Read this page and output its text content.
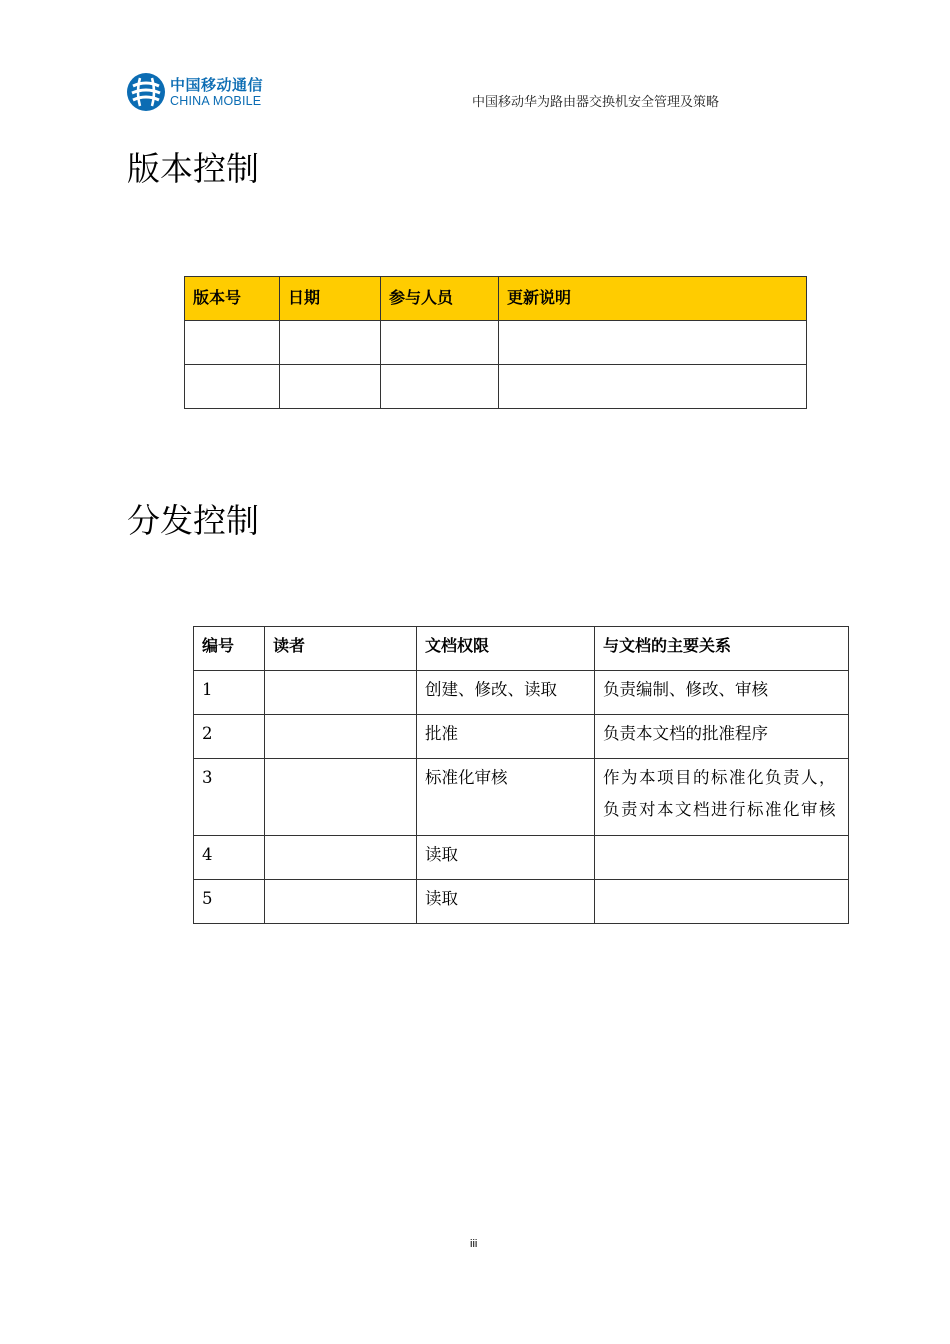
中国移动通信
CHINA MOBILE	中国移动华为路由器交换机安全管理及策略
版本控制
版本号	日期	参与人员	更新说明

分发控制
编号	读者	文档权限	与文档的主要关系
1		创建、修改、读取	负责编制、修改、审核
2		批准	负责本文档的批准程序
3		标准化审核	作为本项目的标准化负责人，负责对本文档进行标准化审核
4		读取	
5		读取	
iii
